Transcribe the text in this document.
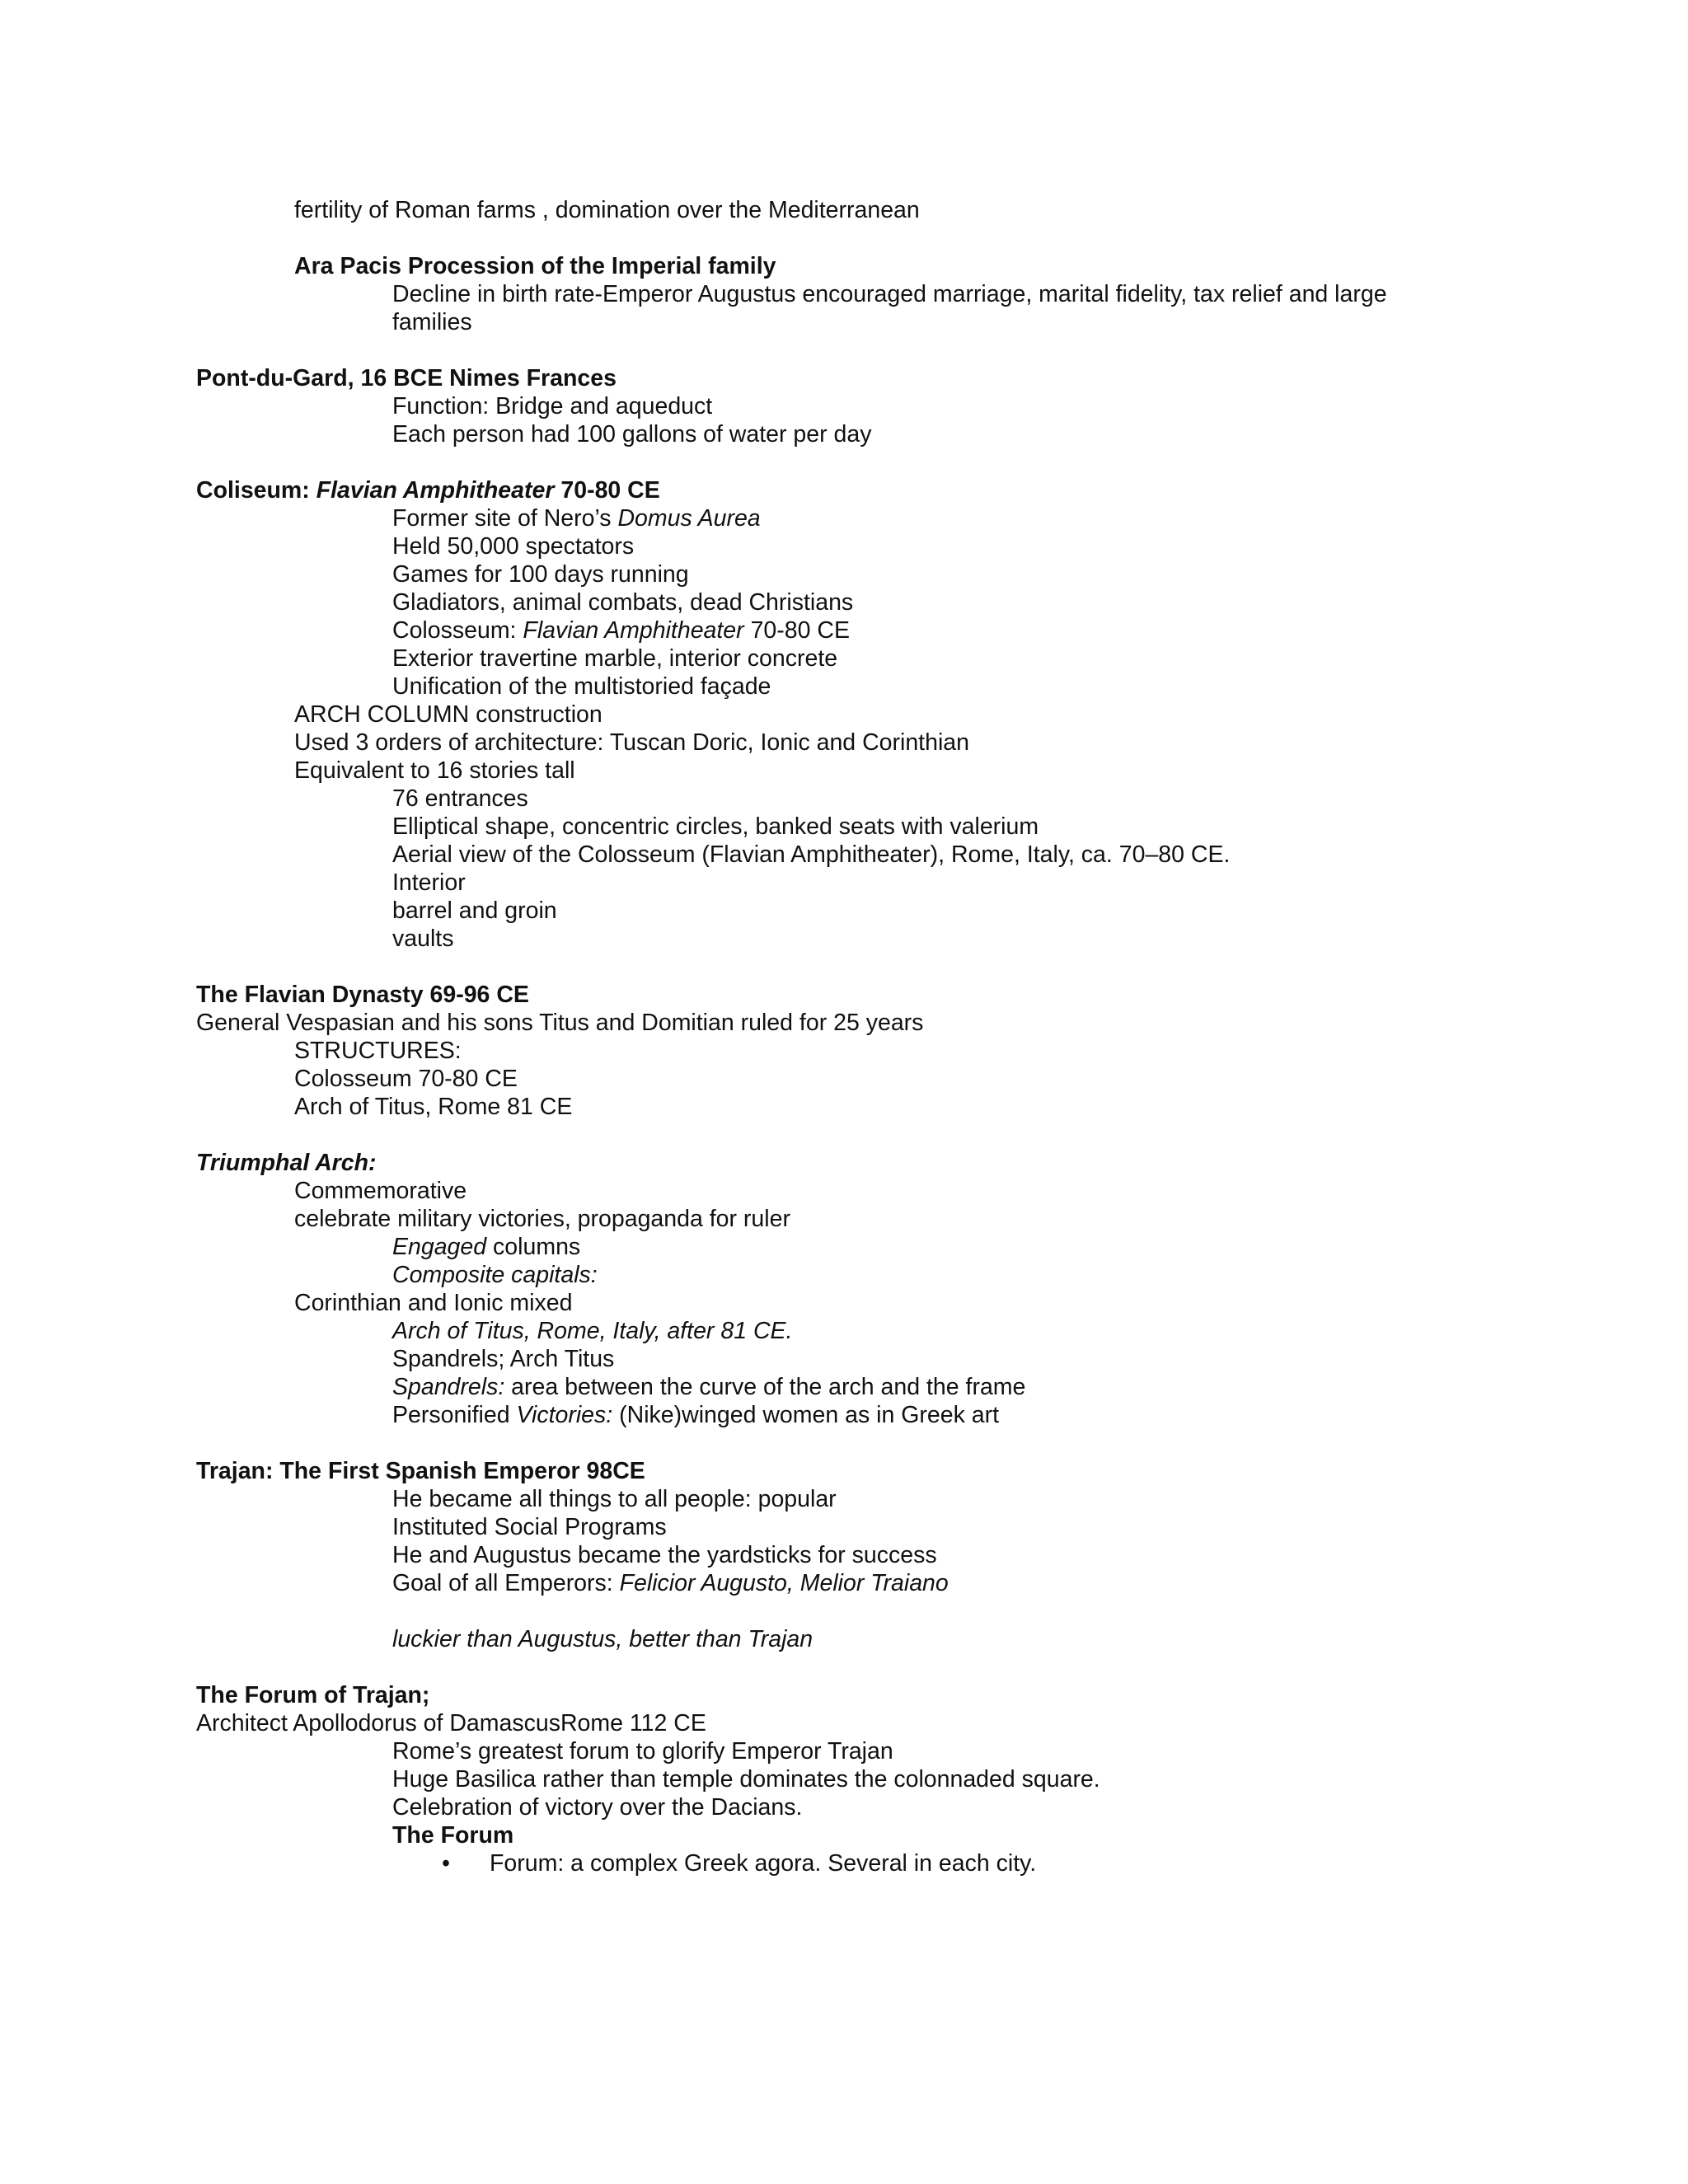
fertility of Roman farms , domination over the Mediterranean

Ara Pacis Procession of the Imperial family

Decline in birth rate-Emperor Augustus encouraged marriage, marital fidelity, tax relief and large

families

Pont-du-Gard, 16 BCE Nimes Frances

Function: Bridge and aqueduct

Each person had 100 gallons of water per day

Coliseum: Flavian Amphitheater 70-80 CE

Former site of Nero’s Domus Aurea

Held 50,000 spectators

Games for 100 days running

Gladiators, animal combats, dead Christians

Colosseum: Flavian Amphitheater 70-80 CE

Exterior travertine marble, interior concrete

Unification of the multistoried façade

ARCH COLUMN construction

Used 3 orders of architecture: Tuscan Doric, Ionic and Corinthian

Equivalent to 16 stories tall

76 entrances

Elliptical shape, concentric circles, banked seats with valerium

Aerial view of the Colosseum (Flavian Amphitheater), Rome, Italy, ca. 70–80 CE.

Interior

barrel and groin

vaults

The Flavian Dynasty 69-96 CE

General Vespasian and his sons Titus and Domitian ruled for 25 years

STRUCTURES:

Colosseum 70-80 CE

Arch of Titus, Rome 81 CE

Triumphal Arch:

Commemorative

celebrate military victories, propaganda for ruler

Engaged columns

Composite capitals:

Corinthian and Ionic mixed

Arch of Titus, Rome, Italy, after 81 CE.

Spandrels; Arch Titus

Spandrels: area between the curve of the arch and the frame

Personified Victories: (Nike)winged women as in Greek art

Trajan: The First Spanish Emperor 98CE

He became all things to all people: popular

Instituted Social Programs

He and Augustus became the yardsticks for success

Goal of all Emperors: Felicior Augusto, Melior Traiano

luckier than Augustus, better than Trajan

The Forum of Trajan;

Architect Apollodorus of DamascusRome 112 CE

Rome’s greatest forum to glorify Emperor Trajan

Huge Basilica rather than temple dominates the colonnaded square.

Celebration of victory over the Dacians.

The Forum

• Forum: a complex Greek agora. Several in each city.
